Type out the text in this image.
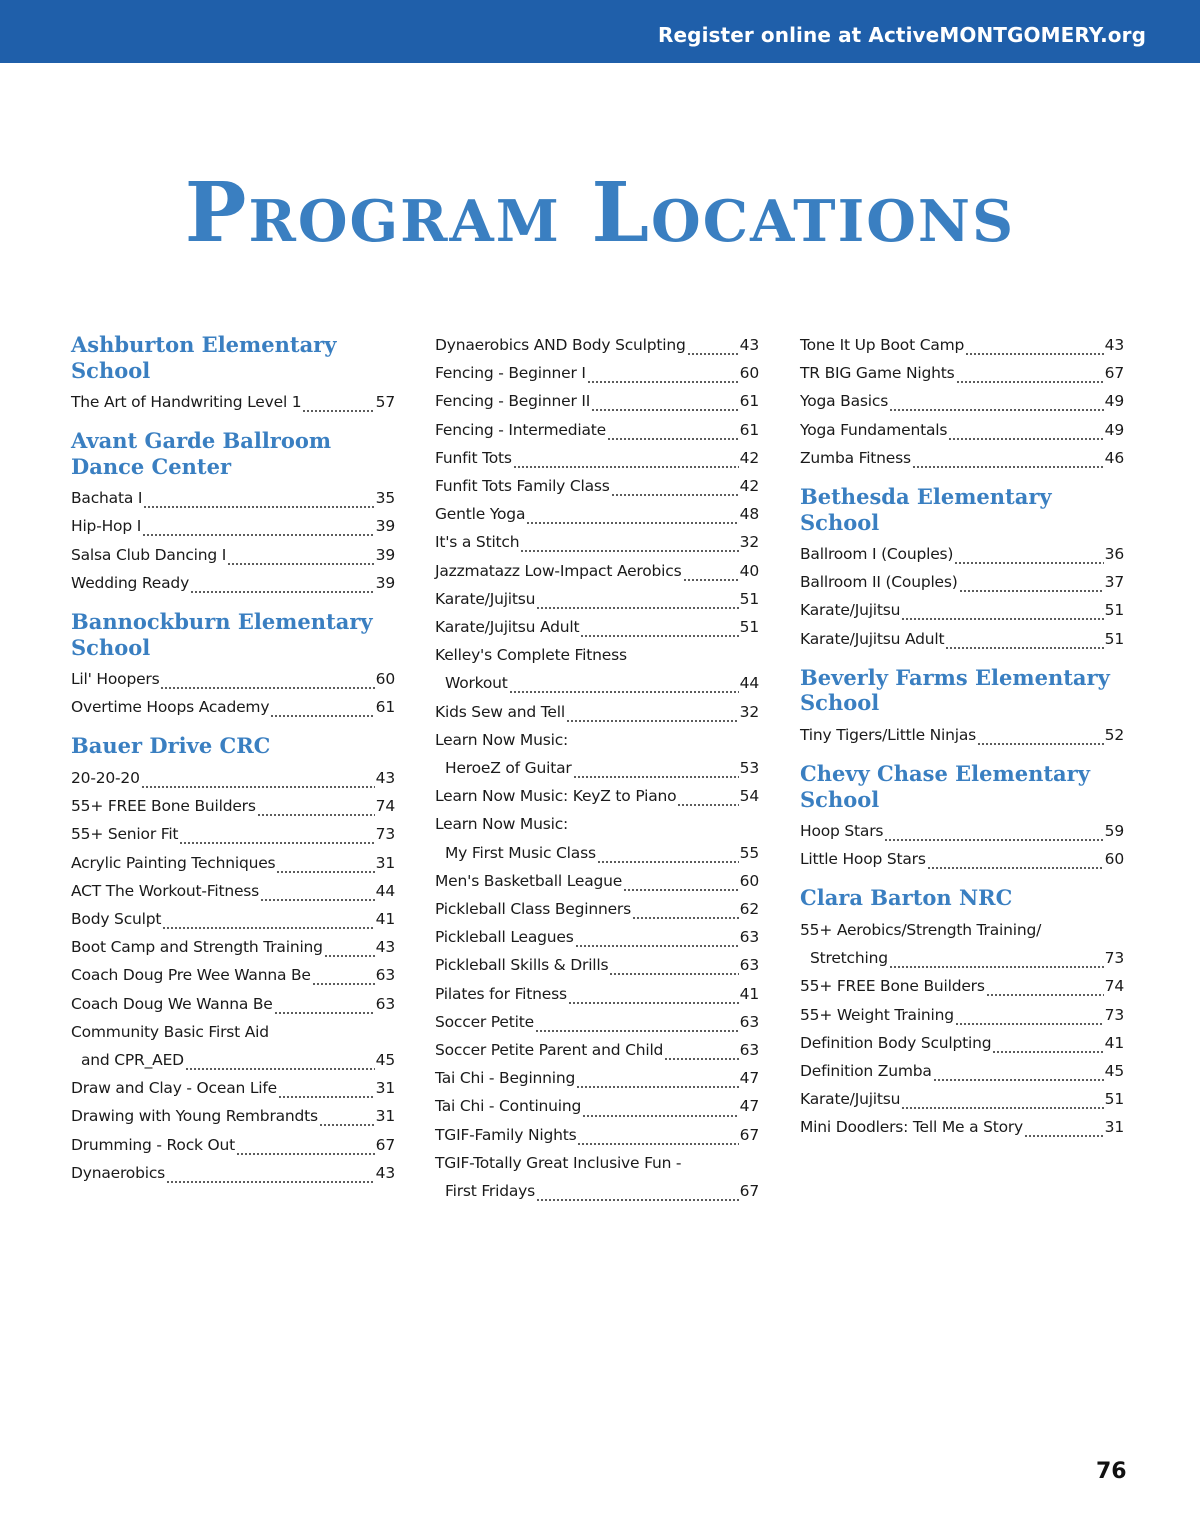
Register online at ActiveMONTGOMERY.org
Program Locations
Ashburton Elementary School
The Art of Handwriting Level 1	57
Avant Garde Ballroom Dance Center
Bachata I	35
Hip-Hop I	39
Salsa Club Dancing I	39
Wedding Ready	39
Bannockburn Elementary School
Lil' Hoopers	60
Overtime Hoops Academy	61
Bauer Drive CRC
20-20-20	43
55+ FREE Bone Builders	74
55+ Senior Fit	73
Acrylic Painting Techniques	31
ACT The Workout-Fitness	44
Body Sculpt	41
Boot Camp and Strength Training	43
Coach Doug Pre Wee Wanna Be	63
Coach Doug We Wanna Be	63
Community Basic First Aid
and CPR_AED	45
Draw and Clay - Ocean Life	31
Drawing with Young Rembrandts	31
Drumming - Rock Out	67
Dynaerobics	43
Dynaerobics AND Body Sculpting	43
Fencing - Beginner I	60
Fencing - Beginner II	61
Fencing - Intermediate	61
Funfit Tots	42
Funfit Tots Family Class	42
Gentle Yoga	48
It's a Stitch	32
Jazzmatazz Low-Impact Aerobics	40
Karate/Jujitsu	51
Karate/Jujitsu Adult	51
Kelley's Complete Fitness
Workout	44
Kids Sew and Tell	32
Learn Now Music:
HeroeZ of Guitar	53
Learn Now Music: KeyZ to Piano	54
Learn Now Music:
My First Music Class	55
Men's Basketball League	60
Pickleball Class Beginners	62
Pickleball Leagues	63
Pickleball Skills & Drills	63
Pilates for Fitness	41
Soccer Petite	63
Soccer Petite Parent and Child	63
Tai Chi - Beginning	47
Tai Chi - Continuing	47
TGIF-Family Nights	67
TGIF-Totally Great Inclusive Fun -
First Fridays	67
Tone It Up Boot Camp	43
TR BIG Game Nights	67
Yoga Basics	49
Yoga Fundamentals	49
Zumba Fitness	46
Bethesda Elementary School
Ballroom I (Couples)	36
Ballroom II (Couples)	37
Karate/Jujitsu	51
Karate/Jujitsu Adult	51
Beverly Farms Elementary School
Tiny Tigers/Little Ninjas	52
Chevy Chase Elementary School
Hoop Stars	59
Little Hoop Stars	60
Clara Barton NRC
55+ Aerobics/Strength Training/
Stretching	73
55+ FREE Bone Builders	74
55+ Weight Training	73
Definition Body Sculpting	41
Definition Zumba	45
Karate/Jujitsu	51
Mini Doodlers: Tell Me a Story	31
76
